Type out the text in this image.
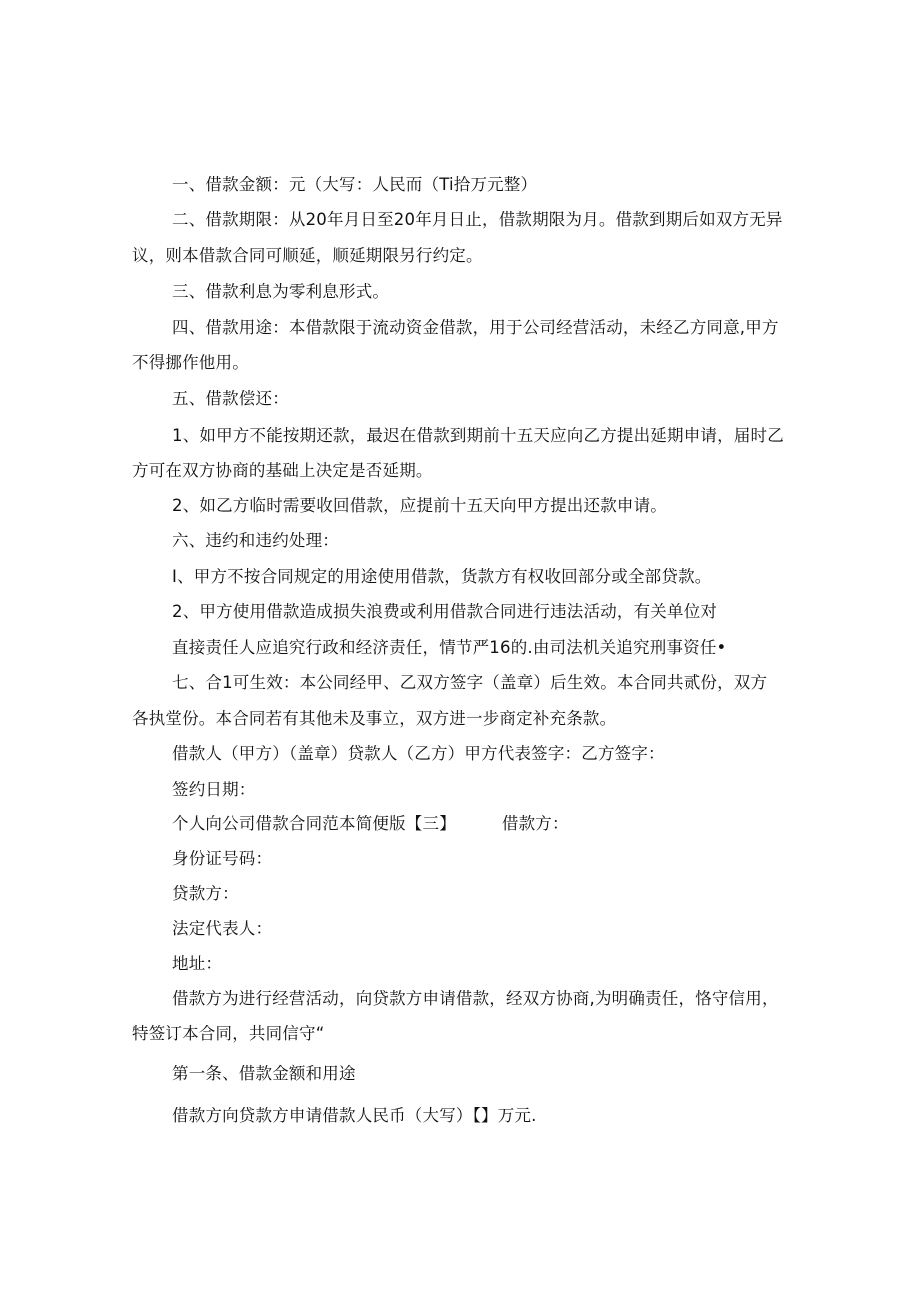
一、借款金额：元（大写：人民而（Ti拾万元整）
二、借款期限：从20年月日至20年月日止，借款期限为月。借款到期后如双方无异
议，则本借款合同可顺延，顺延期限另行约定。
三、借款利息为零利息形式。
四、借款用途：本借款限于流动资金借款，用于公司经营活动，未经乙方同意,甲方
不得挪作他用。
五、借款偿还：
1、如甲方不能按期还款，最迟在借款到期前十五天应向乙方提出延期申请，届时乙
方可在双方协商的基础上决定是否延期。
2、如乙方临时需要收回借款，应提前十五天向甲方提出还款申请。
六、违约和违约处理：
I、甲方不按合同规定的用途使用借款，货款方有权收回部分或全部贷款。
2、甲方使用借款造成损失浪费或利用借款合同进行违法活动，有关单位对
直接责任人应追究行政和经济责任，情节严16的.由司法机关追究刑事资任•
七、合1可生效：本公同经甲、乙双方签字（盖章）后生效。本合同共贰份，双方
各执堂份。本合同若有其他未及事立，双方进一步商定补充条款。
借款人（甲方）（盖章）贷款人（乙方）甲方代表签字：乙方签字：
签约日期：
个人向公司借款合同范本简便版【三】	借款方：
身份证号码：
贷款方：
法定代表人：
地址：
借款方为进行经营活动，向贷款方申请借款，经双方协商,为明确责任，恪守信用，
特签订本合同，共同信守“
第一条、借款金额和用途
借款方向贷款方申请借款人民币（大写）【】万元.
